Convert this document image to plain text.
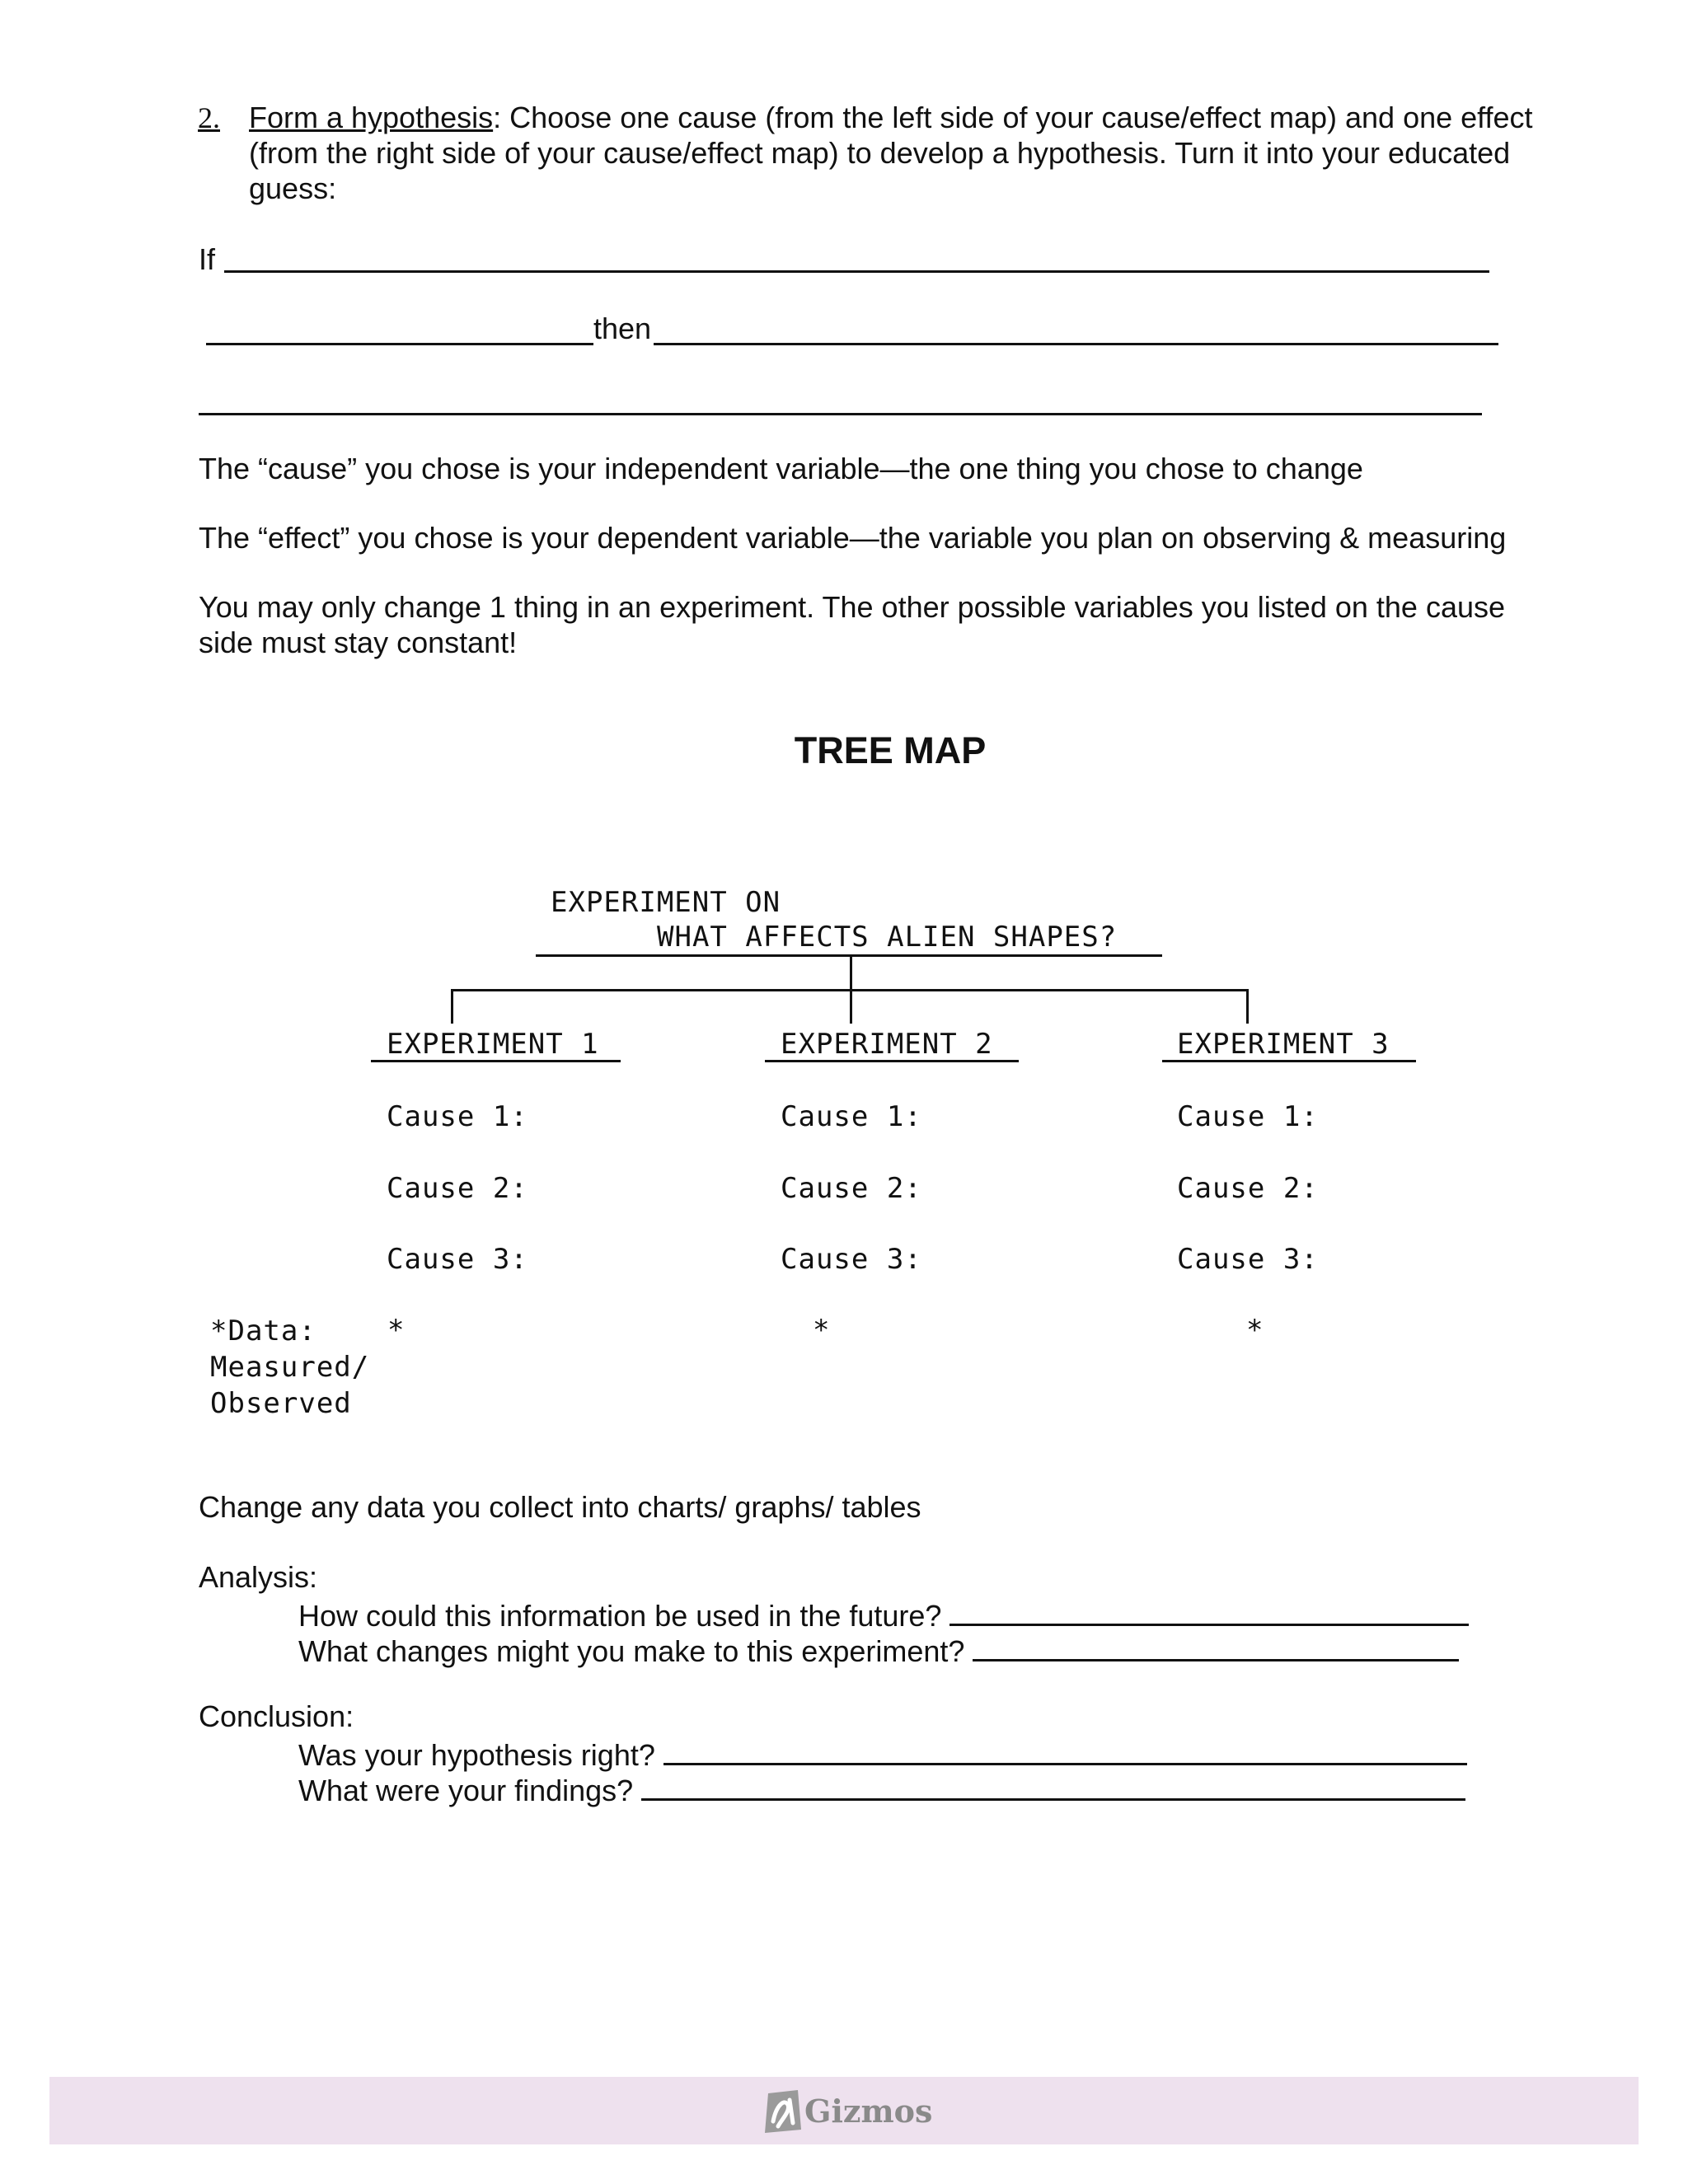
2. Form a hypothesis: Choose one cause (from the left side of your cause/effect map) and one effect
(from the right side of your cause/effect map) to develop a hypothesis. Turn it into your educated
guess:
If
then
The “cause” you chose is your independent variable—the one thing you chose to change
The “effect” you chose is your dependent variable—the variable you plan on observing & measuring
You may only change 1 thing in an experiment. The other possible variables you listed on the cause
side must stay constant!
TREE MAP
EXPERIMENT ON
WHAT AFFECTS ALIEN SHAPES?
EXPERIMENT 1
Cause 1:
Cause 2:
Cause 3:
*
EXPERIMENT 2
Cause 1:
Cause 2:
Cause 3:
*
EXPERIMENT 3
Cause 1:
Cause 2:
Cause 3:
*
*Data:
Measured/
Observed
Change any data you collect into charts/ graphs/ tables
Analysis:
How could this information be used in the future?
What changes might you make to this experiment?
Conclusion:
Was your hypothesis right?
What were your findings?
Gizmos
